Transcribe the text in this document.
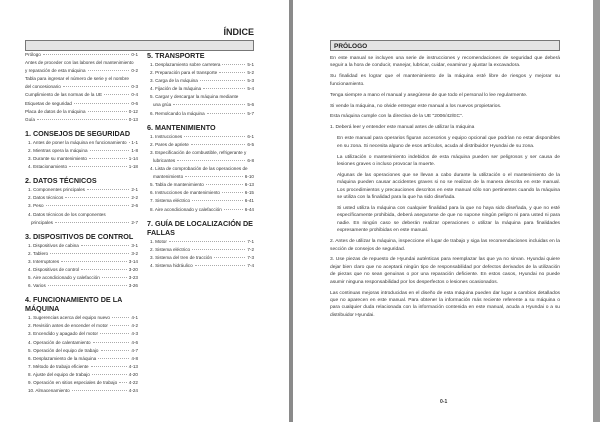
ÍNDICE
Prólogo	0-1
Antes de proceder con las labores del mantenimiento
y reparación de esta máquina	0-2
Tabla para ingresar el número de serie y el nombre
del concesionario	0-3
Cumplimiento de las normas de la UE	0-4
Etiquetas de seguridad	0-6
Placa de datos de la máquina	0-12
Guía	0-13
1. CONSEJOS DE SEGURIDAD
1. Antes de poner la máquina en funcionamiento 1-1
2. Mientras opera la máquina	1-8
3. Durante su mantenimiento	1-14
4. Estacionamiento	1-18
2. DATOS TÉCNICOS
1. Componentes principales	2-1
2. Datos técnicos	2-2
3. Peso	2-6
4. Datos técnicos de los componentes
principales	2-7
3. DISPOSITIVOS DE CONTROL
1. Dispositivos de cabina	3-1
2. Tablero	3-2
3. Interruptores	3-14
4. Dispositivos de control	3-20
5. Aire acondicionado y calefacción	3-23
6. Varios	3-26
4. FUNCIONAMIENTO DE LA MÁQUINA
1. Sugerencias acerca del equipo nuevo	4-1
2. Revisión antes de encender el motor	4-2
3. Encendido y apagado del motor	4-3
4. Operación de calentamiento	4-6
5. Operación del equipo de trabajo	4-7
6. Desplazamiento de la máquina	4-8
7. Método de trabajo eficiente	4-13
8. Ajuste del equipo de trabajo	4-20
9. Operación en sitios especiales de trabajo	4-22
10. Almacenamiento	4-24
5. TRANSPORTE
1. Desplazamiento sobre carretera	5-1
2. Preparación para el transporte	5-2
3. Carga de la máquina	5-3
4. Fijación de la máquina	5-4
5. Cargar y descargar la máquina mediante
una grúa	5-6
6. Remolcando la máquina	5-7
6. MANTENIMIENTO
1. Instrucciones	6-1
2. Pares de apriete	6-5
3. Especificación de combustible, refrigerante y
lubricantes	6-8
4. Lista de comprobación de las operaciones de
mantenimiento	6-10
5. Tabla de mantenimiento	6-13
6. Instrucciones de mantenimiento	6-15
7. Sistema eléctrico	6-41
8. Aire acondicionado y calefacción	6-44
7. GUÍA DE LOCALIZACIÓN DE FALLAS
1. Motor	7-1
2. Sistema eléctrico	7-2
3. Sistema del tren de tracción	7-3
4. Sistema hidráulico	7-4
PRÓLOGO

En este manual se incluyen una serie de instrucciones y recomendaciones de seguridad que deberá seguir a la hora de conducir, manejar, lubricar, cuidar, examinar y ajustar la excavadora.

Su finalidad es lograr que el mantenimiento de la máquina esté libre de riesgos y mejorar su funcionamiento.

Tenga siempre a mano el manual y asegúrese de que todo el personal lo lee regularmente.

Si vende la máquina, no olvide entregar este manual a los nuevos propietarios.

Esta máquina cumple con la directiva de la UE "2006/42/EC".

1. Deberá leer y entender este manual antes de utilizar la máquina

En este manual para operarios figuran accesorios y equipo opcional que podrían no estar disponibles en su zona. Si necesita alguno de esos artículos, acuda al distribuidor Hyundai de su zona.

La utilización o mantenimiento indebidos de esta máquina pueden ser peligrosos y ser causa de lesiones graves o incluso provocar la muerte.

Algunas de las operaciones que se llevan a cabo durante la utilización o el mantenimiento de la máquina pueden causar accidentes graves si no se realizan de la manera descrita en este manual. Los procedimientos y precauciones descritos en este manual sólo son pertinentes cuando la máquina se utiliza con la finalidad para la que ha sido diseñada.

Si usted utiliza la máquina con cualquier finalidad para la que no haya sido diseñada, y que no esté específicamente prohibida, deberá asegurarse de que no supone ningún peligro ni para usted ni para nadie. En ningún caso se deberán realizar operaciones o utilizar la máquina para finalidades expresamente prohibidas en este manual.

2. Antes de utilizar la máquina, inspeccione el lugar de trabajo y siga las recomendaciones incluidas en la sección de consejos de seguridad.

3. Use piezas de repuesto de Hyundai auténticas para reemplazar las que ya no sirvan. Hyundai quiere dejar bien claro que no aceptará ningún tipo de responsabilidad por defectos derivados de la utilización de piezas que no sean genuinas o por una reparación deficiente. En estos casos, Hyundai no puede asumir ninguna responsabilidad por los desperfectos o lesiones ocasionados.

Las continuas mejoras introducidas en el diseño de esta máquina pueden dar lugar a cambios detallados que no aparecen en este manual. Para obtener la información más reciente referente a su máquina o para cualquier duda relacionada con la información contenida en este manual, acuda a Hyundai o a su distribuidor Hyundai.

0-1
